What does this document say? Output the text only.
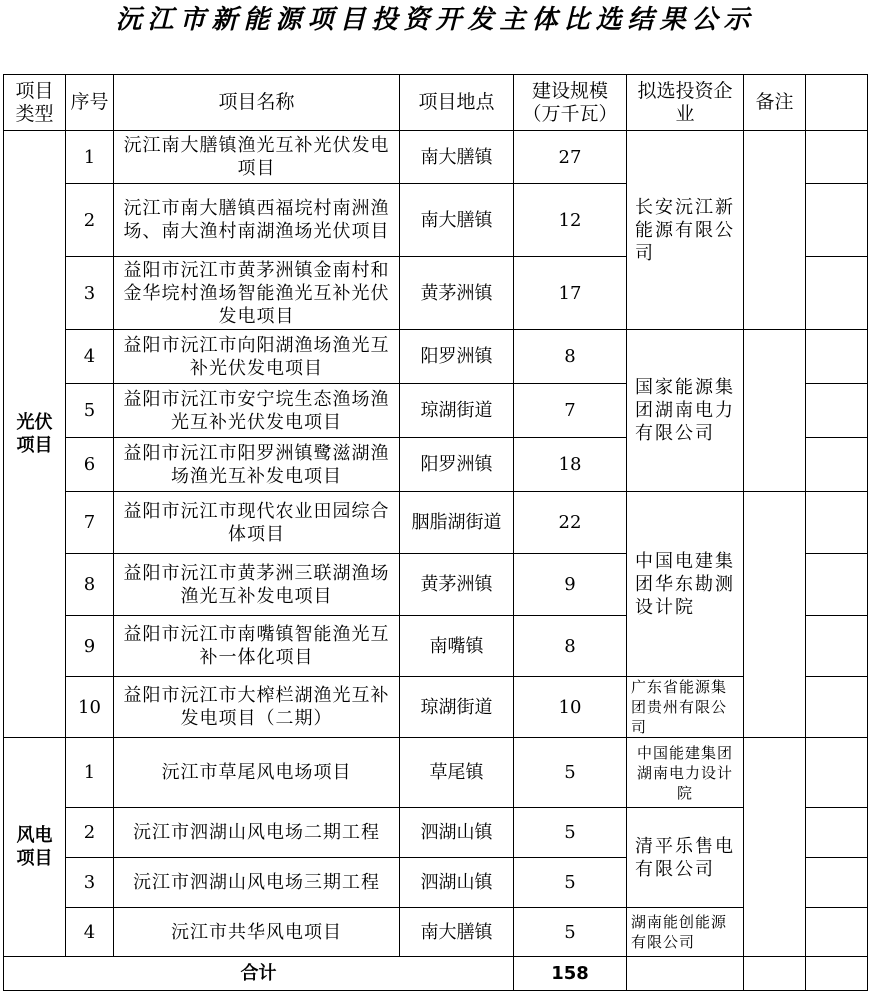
沅江市新能源项目投资开发主体比选结果公示
项目类型	序号	项目名称	项目地点	建设规模（万千瓦）	拟选投资企业	备注	
光伏项目	1	沅江南大膳镇渔光互补光伏发电项目	南大膳镇	27	长安沅江新能源有限公司		
	2	沅江市南大膳镇西福垸村南洲渔场、南大渔村南湖渔场光伏项目	南大膳镇	12			
	3	益阳市沅江市黄茅洲镇金南村和金华垸村渔场智能渔光互补光伏发电项目	黄茅洲镇	17			
	4	益阳市沅江市向阳湖渔场渔光互补光伏发电项目	阳罗洲镇	8	国家能源集团湖南电力有限公司		
	5	益阳市沅江市安宁垸生态渔场渔光互补光伏发电项目	琼湖街道	7			
	6	益阳市沅江市阳罗洲镇鹭滋湖渔场渔光互补发电项目	阳罗洲镇	18			
	7	益阳市沅江市现代农业田园综合体项目	胭脂湖街道	22	中国电建集团华东勘测设计院		
	8	益阳市沅江市黄茅洲三联湖渔场渔光互补发电项目	黄茅洲镇	9			
	9	益阳市沅江市南嘴镇智能渔光互补一体化项目	南嘴镇	8			
	10	益阳市沅江市大榨栏湖渔光互补发电项目（二期）	琼湖街道	10	广东省能源集团贵州有限公司		
风电项目	1	沅江市草尾风电场项目	草尾镇	5	中国能建集团湖南电力设计院		
	2	沅江市泗湖山风电场二期工程	泗湖山镇	5	清平乐售电有限公司		
	3	沅江市泗湖山风电场三期工程	泗湖山镇	5			
	4	沅江市共华风电项目	南大膳镇	5	湖南能创能源有限公司		
合计				158			
